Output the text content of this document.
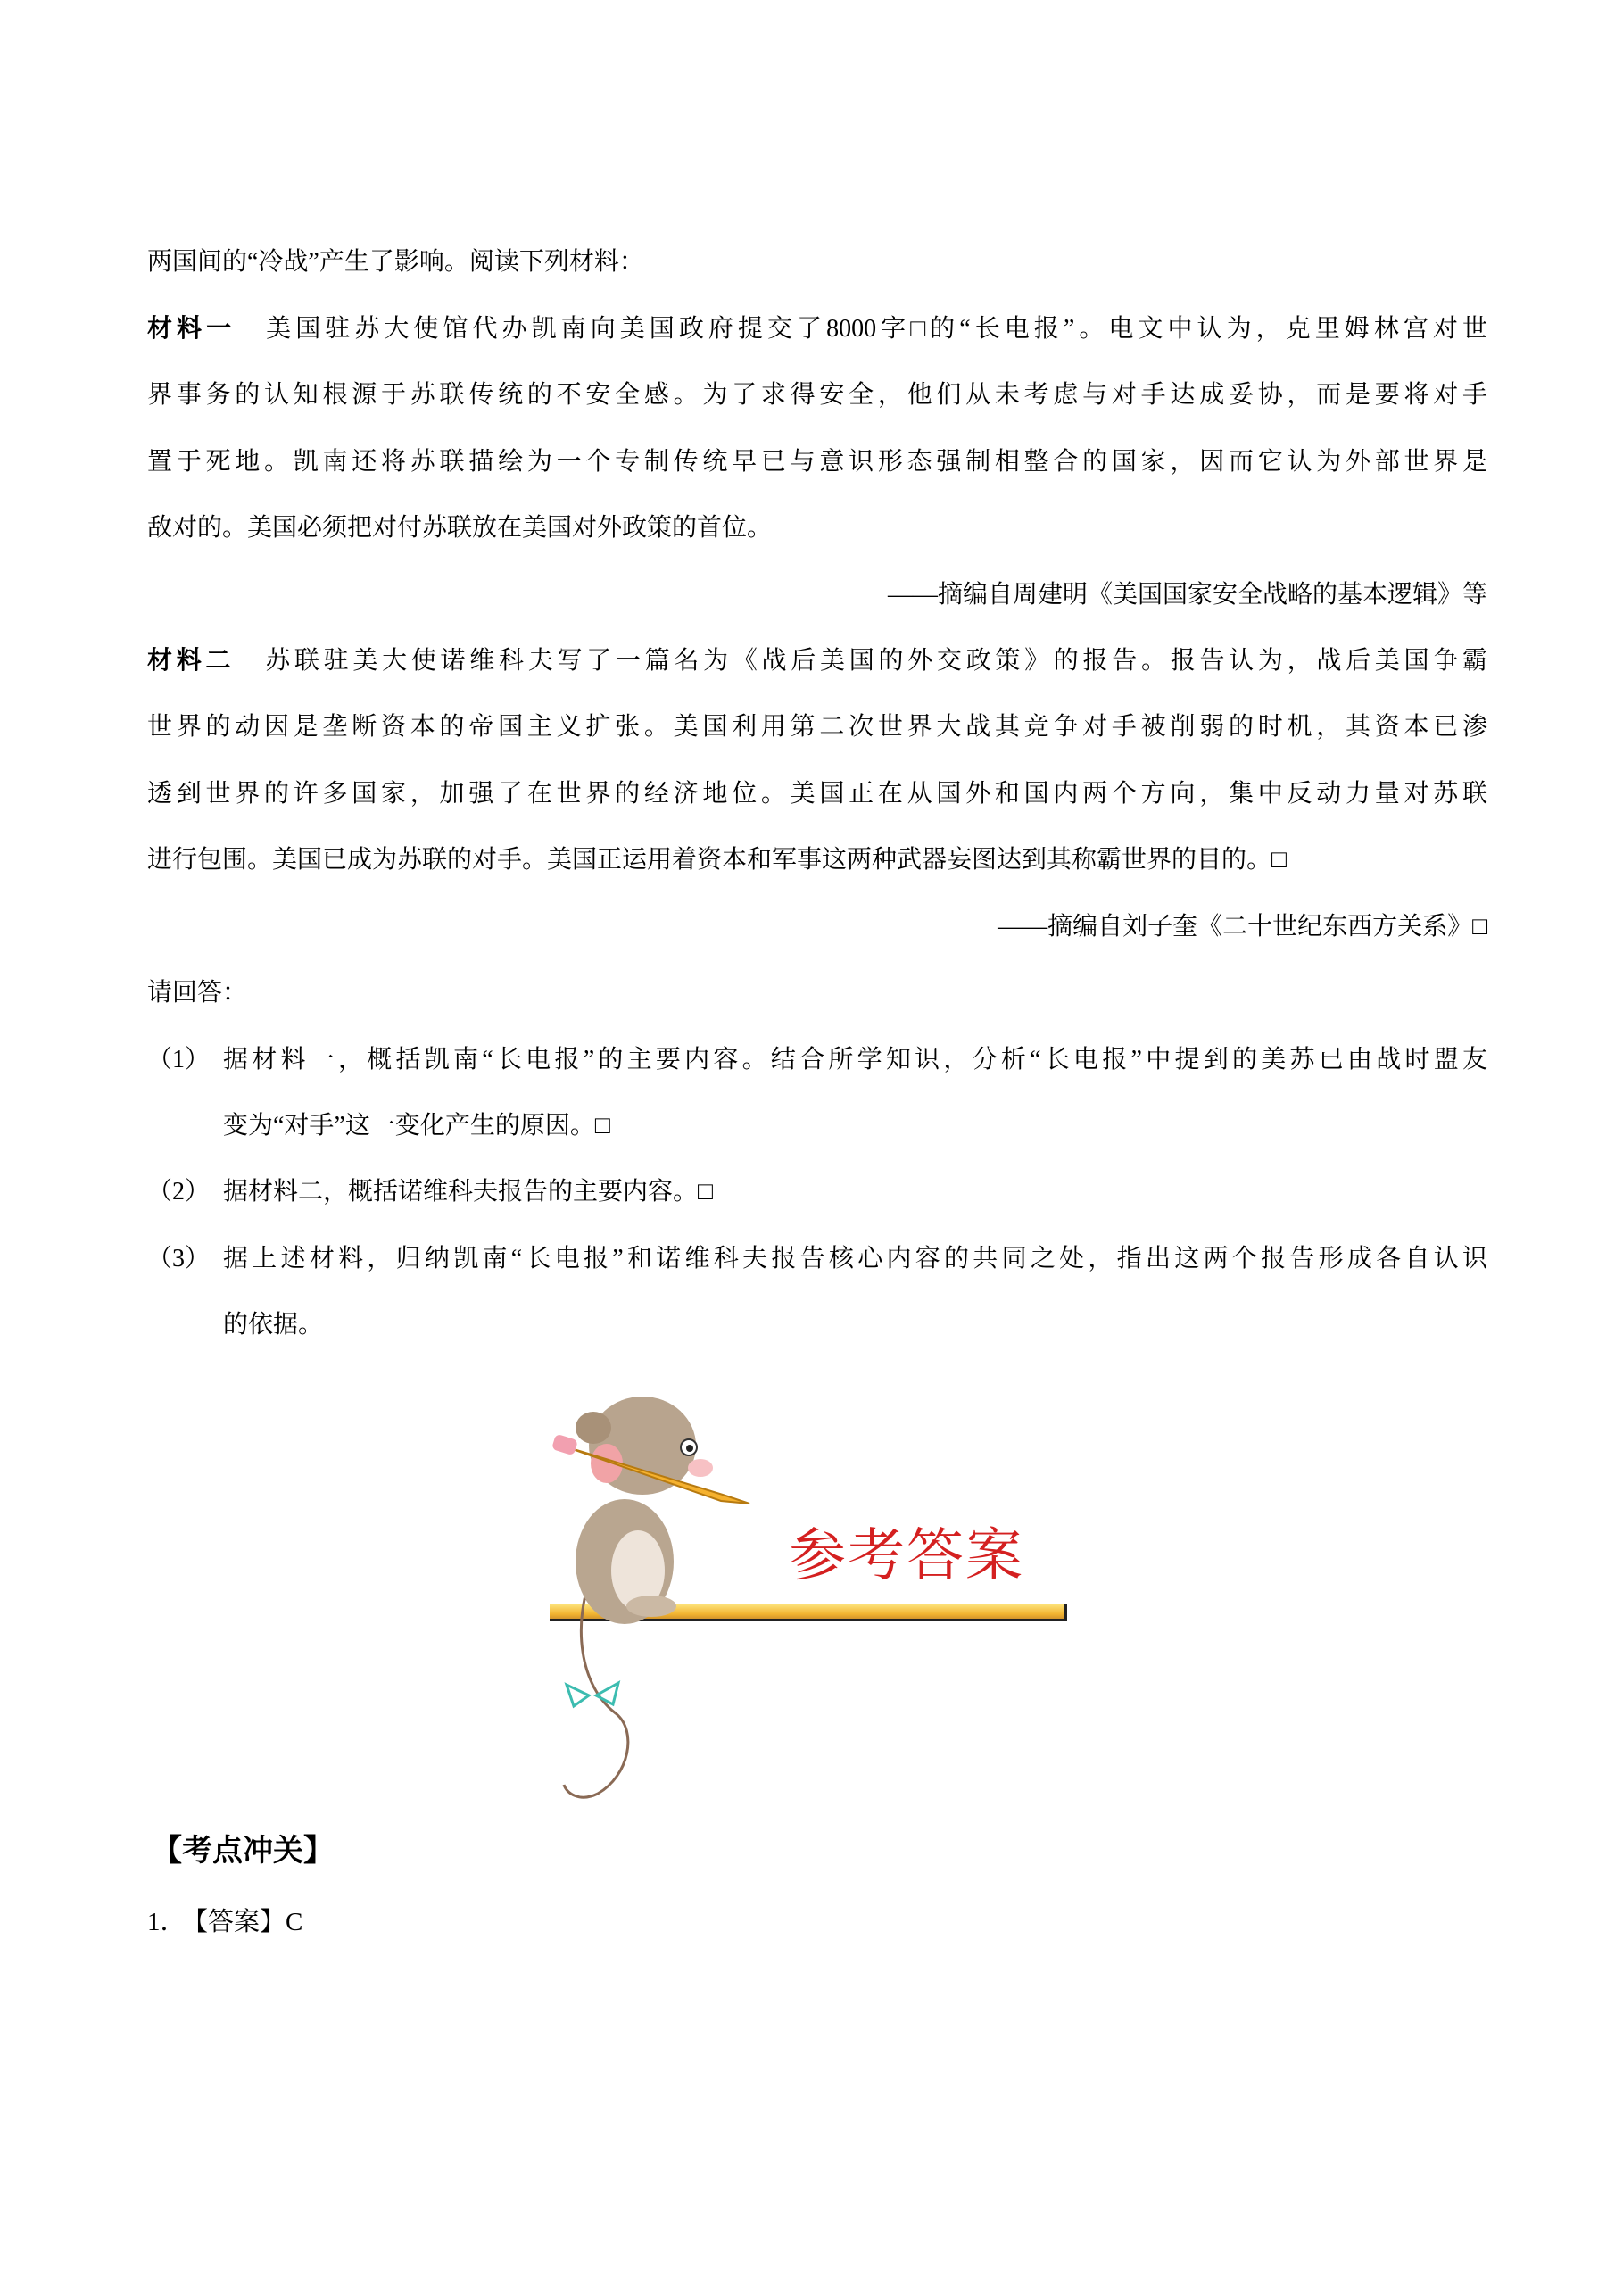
两国间的“冷战”产生了影响。阅读下列材料：
材料一 美国驻苏大使馆代办凯南向美国政府提交了8000字□的“长电报”。电文中认为，克里姆林宫对世
界事务的认知根源于苏联传统的不安全感。为了求得安全，他们从未考虑与对手达成妥协，而是要将对手
置于死地。凯南还将苏联描绘为一个专制传统早已与意识形态强制相整合的国家，因而它认为外部世界是
敌对的。美国必须把对付苏联放在美国对外政策的首位。
——摘编自周建明《美国国家安全战略的基本逻辑》等
材料二 苏联驻美大使诺维科夫写了一篇名为《战后美国的外交政策》的报告。报告认为，战后美国争霸
世界的动因是垄断资本的帝国主义扩张。美国利用第二次世界大战其竞争对手被削弱的时机，其资本已渗
透到世界的许多国家，加强了在世界的经济地位。美国正在从国外和国内两个方向，集中反动力量对苏联
进行包围。美国已成为苏联的对手。美国正运用着资本和军事这两种武器妄图达到其称霸世界的目的。□
——摘编自刘子奎《二十世纪东西方关系》□
请回答：
（1） 据材料一，概括凯南“长电报”的主要内容。结合所学知识，分析“长电报”中提到的美苏已由战时盟友
变为“对手”这一变化产生的原因。□
（2） 据材料二，概括诺维科夫报告的主要内容。□
（3） 据上述材料，归纳凯南“长电报”和诺维科夫报告核心内容的共同之处，指出这两个报告形成各自认识
的依据。
参考答案
【考点冲关】
1． 【答案】C
